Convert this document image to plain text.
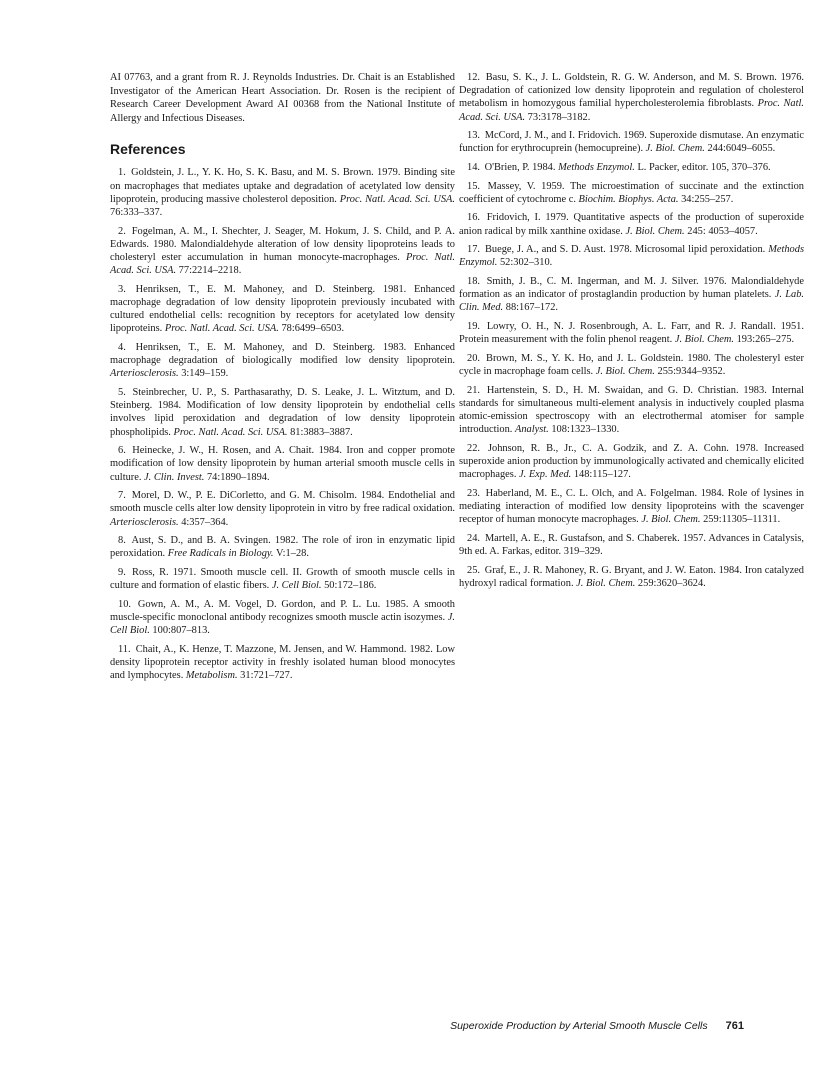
AI 07763, and a grant from R. J. Reynolds Industries. Dr. Chait is an Established Investigator of the American Heart Association. Dr. Rosen is the recipient of Research Career Development Award AI 00368 from the National Institute of Allergy and Infectious Diseases.

References
1. Goldstein, J. L., Y. K. Ho, S. K. Basu, and M. S. Brown. 1979. Binding site on macrophages that mediates uptake and degradation of acetylated low density lipoprotein, producing massive cholesterol deposition. Proc. Natl. Acad. Sci. USA. 76:333–337.
2. Fogelman, A. M., I. Shechter, J. Seager, M. Hokum, J. S. Child, and P. A. Edwards. 1980. Malondialdehyde alteration of low density lipoproteins leads to cholesteryl ester accumulation in human monocyte-macrophages. Proc. Natl. Acad. Sci. USA. 77:2214–2218.
3. Henriksen, T., E. M. Mahoney, and D. Steinberg. 1981. Enhanced macrophage degradation of low density lipoprotein previously incubated with cultured endothelial cells: recognition by receptors for acetylated low density lipoproteins. Proc. Natl. Acad. Sci. USA. 78:6499–6503.
4. Henriksen, T., E. M. Mahoney, and D. Steinberg. 1983. Enhanced macrophage degradation of biologically modified low density lipoprotein. Arteriosclerosis. 3:149–159.
5. Steinbrecher, U. P., S. Parthasarathy, D. S. Leake, J. L. Witztum, and D. Steinberg. 1984. Modification of low density lipoprotein by endothelial cells involves lipid peroxidation and degradation of low density lipoprotein phospholipids. Proc. Natl. Acad. Sci. USA. 81:3883–3887.
6. Heinecke, J. W., H. Rosen, and A. Chait. 1984. Iron and copper promote modification of low density lipoprotein by human arterial smooth muscle cells in culture. J. Clin. Invest. 74:1890–1894.
7. Morel, D. W., P. E. DiCorletto, and G. M. Chisolm. 1984. Endothelial and smooth muscle cells alter low density lipoprotein in vitro by free radical oxidation. Arteriosclerosis. 4:357–364.
8. Aust, S. D., and B. A. Svingen. 1982. The role of iron in enzymatic lipid peroxidation. Free Radicals in Biology. V:1–28.
9. Ross, R. 1971. Smooth muscle cell. II. Growth of smooth muscle cells in culture and formation of elastic fibers. J. Cell Biol. 50:172–186.
10. Gown, A. M., A. M. Vogel, D. Gordon, and P. L. Lu. 1985. A smooth muscle-specific monoclonal antibody recognizes smooth muscle actin isozymes. J. Cell Biol. 100:807–813.
11. Chait, A., K. Henze, T. Mazzone, M. Jensen, and W. Hammond. 1982. Low density lipoprotein receptor activity in freshly isolated human blood monocytes and lymphocytes. Metabolism. 31:721–727.
12. Basu, S. K., J. L. Goldstein, R. G. W. Anderson, and M. S. Brown. 1976. Degradation of cationized low density lipoprotein and regulation of cholesterol metabolism in homozygous familial hypercholesterolemia fibroblasts. Proc. Natl. Acad. Sci. USA. 73:3178–3182.
13. McCord, J. M., and I. Fridovich. 1969. Superoxide dismutase. An enzymatic function for erythrocuprein (hemocupreine). J. Biol. Chem. 244:6049–6055.
14. O'Brien, P. 1984. Methods Enzymol. L. Packer, editor. 105, 370–376.
15. Massey, V. 1959. The microestimation of succinate and the extinction coefficient of cytochrome c. Biochim. Biophys. Acta. 34:255–257.
16. Fridovich, I. 1979. Quantitative aspects of the production of superoxide anion radical by milk xanthine oxidase. J. Biol. Chem. 245: 4053–4057.
17. Buege, J. A., and S. D. Aust. 1978. Microsomal lipid peroxidation. Methods Enzymol. 52:302–310.
18. Smith, J. B., C. M. Ingerman, and M. J. Silver. 1976. Malondialdehyde formation as an indicator of prostaglandin production by human platelets. J. Lab. Clin. Med. 88:167–172.
19. Lowry, O. H., N. J. Rosenbrough, A. L. Farr, and R. J. Randall. 1951. Protein measurement with the folin phenol reagent. J. Biol. Chem. 193:265–275.
20. Brown, M. S., Y. K. Ho, and J. L. Goldstein. 1980. The cholesteryl ester cycle in macrophage foam cells. J. Biol. Chem. 255:9344–9352.
21. Hartenstein, S. D., H. M. Swaidan, and G. D. Christian. 1983. Internal standards for simultaneous multi-element analysis in inductively coupled plasma atomic-emission spectroscopy with an electrothermal atomiser for sample introduction. Analyst. 108:1323–1330.
22. Johnson, R. B., Jr., C. A. Godzik, and Z. A. Cohn. 1978. Increased superoxide anion production by immunologically activated and chemically elicited macrophages. J. Exp. Med. 148:115–127.
23. Haberland, M. E., C. L. Olch, and A. Folgelman. 1984. Role of lysines in mediating interaction of modified low density lipoproteins with the scavenger receptor of human monocyte macrophages. J. Biol. Chem. 259:11305–11311.
24. Martell, A. E., R. Gustafson, and S. Chaberek. 1957. Advances in Catalysis, 9th ed. A. Farkas, editor. 319–329.
25. Graf, E., J. R. Mahoney, R. G. Bryant, and J. W. Eaton. 1984. Iron catalyzed hydroxyl radical formation. J. Biol. Chem. 259:3620–3624.
Superoxide Production by Arterial Smooth Muscle Cells 761
